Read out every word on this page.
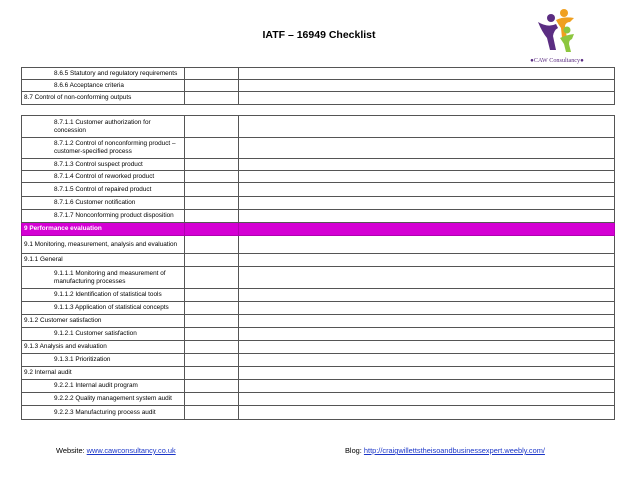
IATF – 16949 Checklist
●CAW Consultancy●
8.6.5 Statutory and regulatory requirements		
8.6.6 Acceptance criteria		
8.7 Control of non-conforming outputs		

8.7.1.1 Customer authorization for concession		
8.7.1.2 Control of nonconforming product – customer-specified process		
8.7.1.3 Control suspect product		
8.7.1.4 Control of reworked product		
8.7.1.5 Control of repaired product		
8.7.1.6 Customer notification		
8.7.1.7 Nonconforming product disposition		
9 Performance evaluation		
9.1 Monitoring, measurement, analysis and evaluation		
9.1.1 General		
9.1.1.1 Monitoring and measurement of manufacturing processes		
9.1.1.2 Identification of statistical tools		
9.1.1.3 Application of statistical concepts		
9.1.2 Customer satisfaction		
9.1.2.1 Customer satisfaction		
9.1.3 Analysis and evaluation		
9.1.3.1 Prioritization		
9.2 Internal audit		
9.2.2.1 Internal audit program		
9.2.2.2 Quality management system audit		
9.2.2.3 Manufacturing process audit		
Website: www.cawconsultancy.co.uk	Blog: http://craigwillettstheisoandbusinessexpert.weebly.com/
